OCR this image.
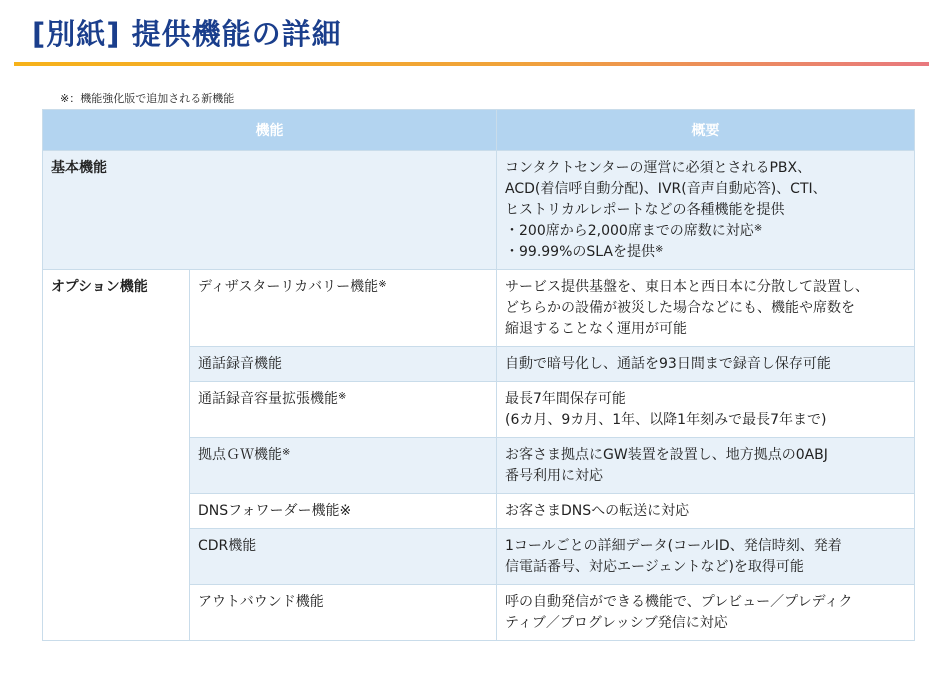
[別紙] 提供機能の詳細
※：機能強化版で追加される新機能
機能		概要
基本機能		コンタクトセンターの運営に必須とされるPBX、
ACD(着信呼自動分配)、IVR(音声自動応答)、CTI、
ヒストリカルレポートなどの各種機能を提供
・200席から2,000席までの席数に対応※
・99.99%のSLAを提供※

オプション機能	ディザスターリカバリー機能※	サービス提供基盤を、東日本と西日本に分散して設置し、
どちらかの設備が被災した場合などにも、機能や席数を
縮退することなく運用が可能

	通話録音機能	自動で暗号化し、通話を93日間まで録音し保存可能

	通話録音容量拡張機能※	最長7年間保存可能
(6カ月、9カ月、1年、以降1年刻みで最長7年まで)

	拠点ＧＷ機能※	お客さま拠点にGW装置を設置し、地方拠点の0ABJ
番号利用に対応

	DNSフォワーダー機能※	お客さまDNSへの転送に対応

	CDR機能	1コールごとの詳細データ(コールID、発信時刻、発着
信電話番号、対応エージェントなど)を取得可能

	アウトバウンド機能	呼の自動発信ができる機能で、プレビュー／プレディク
ティブ／プログレッシブ発信に対応
